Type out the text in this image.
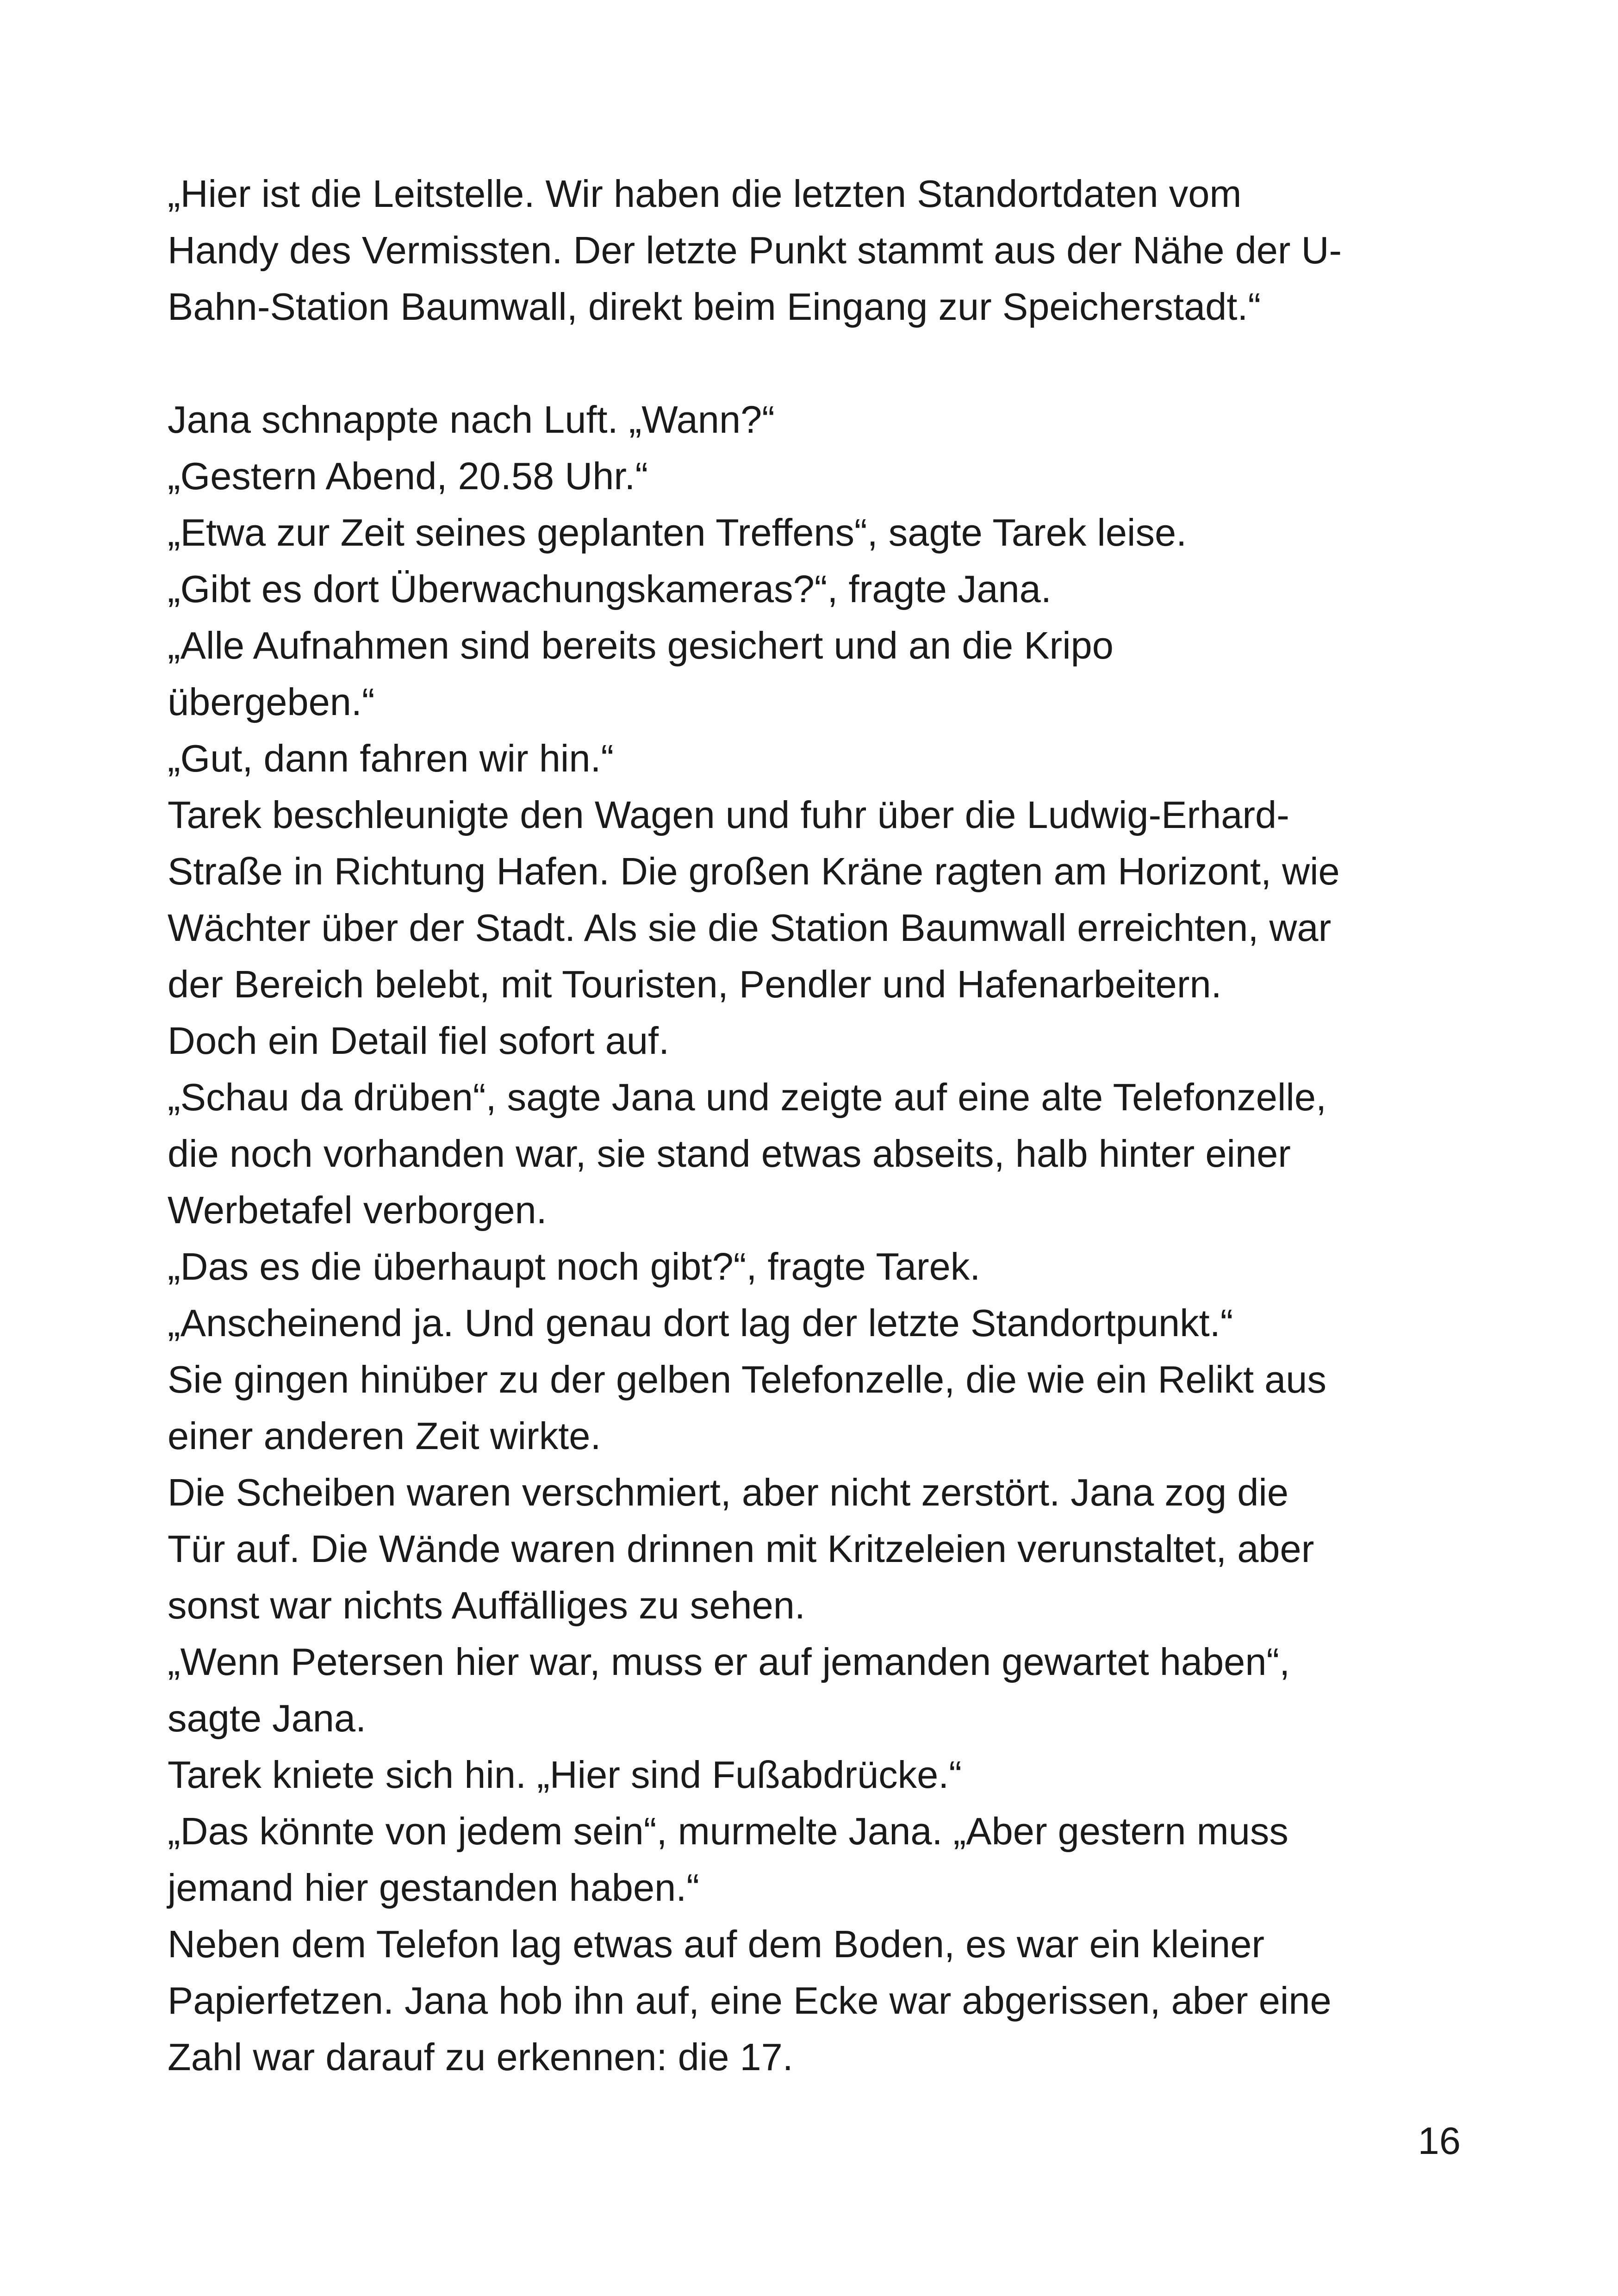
„Hier ist die Leitstelle. Wir haben die letzten Standortdaten vom
Handy des Vermissten. Der letzte Punkt stammt aus der Nähe der U-
Bahn-Station Baumwall, direkt beim Eingang zur Speicherstadt.“
Jana schnappte nach Luft. „Wann?“
„Gestern Abend, 20.58 Uhr.“
„Etwa zur Zeit seines geplanten Treffens“, sagte Tarek leise.
„Gibt es dort Überwachungskameras?“, fragte Jana.
„Alle Aufnahmen sind bereits gesichert und an die Kripo
übergeben.“
„Gut, dann fahren wir hin.“
Tarek beschleunigte den Wagen und fuhr über die Ludwig-Erhard-
Straße in Richtung Hafen. Die großen Kräne ragten am Horizont, wie
Wächter über der Stadt. Als sie die Station Baumwall erreichten, war
der Bereich belebt, mit Touristen, Pendler und Hafenarbeitern.
Doch ein Detail fiel sofort auf.
„Schau da drüben“, sagte Jana und zeigte auf eine alte Telefonzelle,
die noch vorhanden war, sie stand etwas abseits, halb hinter einer
Werbetafel verborgen.
„Das es die überhaupt noch gibt?“, fragte Tarek.
„Anscheinend ja. Und genau dort lag der letzte Standortpunkt.“
Sie gingen hinüber zu der gelben Telefonzelle, die wie ein Relikt aus
einer anderen Zeit wirkte.
Die Scheiben waren verschmiert, aber nicht zerstört. Jana zog die
Tür auf. Die Wände waren drinnen mit Kritzeleien verunstaltet, aber
sonst war nichts Auffälliges zu sehen.
„Wenn Petersen hier war, muss er auf jemanden gewartet haben“,
sagte Jana.
Tarek kniete sich hin. „Hier sind Fußabdrücke.“
„Das könnte von jedem sein“, murmelte Jana. „Aber gestern muss
jemand hier gestanden haben.“
Neben dem Telefon lag etwas auf dem Boden, es war ein kleiner
Papierfetzen. Jana hob ihn auf, eine Ecke war abgerissen, aber eine
Zahl war darauf zu erkennen: die 17.
16
